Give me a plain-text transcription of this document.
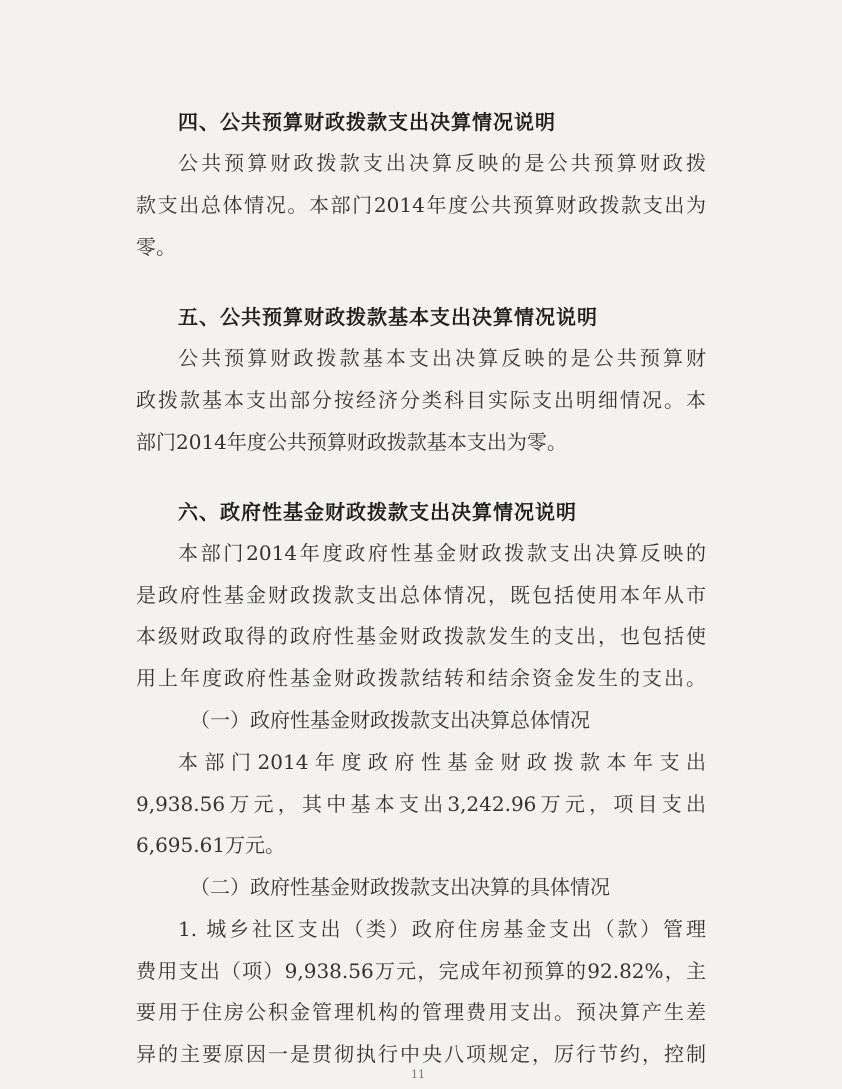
四、公共预算财政拨款支出决算情况说明

公共预算财政拨款支出决算反映的是公共预算财政拨

款支出总体情况。本部门2014年度公共预算财政拨款支出为

零。

五、公共预算财政拨款基本支出决算情况说明

公共预算财政拨款基本支出决算反映的是公共预算财

政拨款基本支出部分按经济分类科目实际支出明细情况。本

部门2014年度公共预算财政拨款基本支出为零。

六、政府性基金财政拨款支出决算情况说明

本部门2014年度政府性基金财政拨款支出决算反映的

是政府性基金财政拨款支出总体情况，既包括使用本年从市

本级财政取得的政府性基金财政拨款发生的支出，也包括使

用上年度政府性基金财政拨款结转和结余资金发生的支出。

（一）政府性基金财政拨款支出决算总体情况

本部门2014年度政府性基金财政拨款本年支出

9,938.56万元，其中基本支出3,242.96万元，项目支出

6,695.61万元。

（二）政府性基金财政拨款支出决算的具体情况

1. 城乡社区支出（类）政府住房基金支出（款）管理

费用支出（项）9,938.56万元，完成年初预算的92.82%，主

要用于住房公积金管理机构的管理费用支出。预决算产生差

异的主要原因一是贯彻执行中央八项规定，厉行节约，控制

11
